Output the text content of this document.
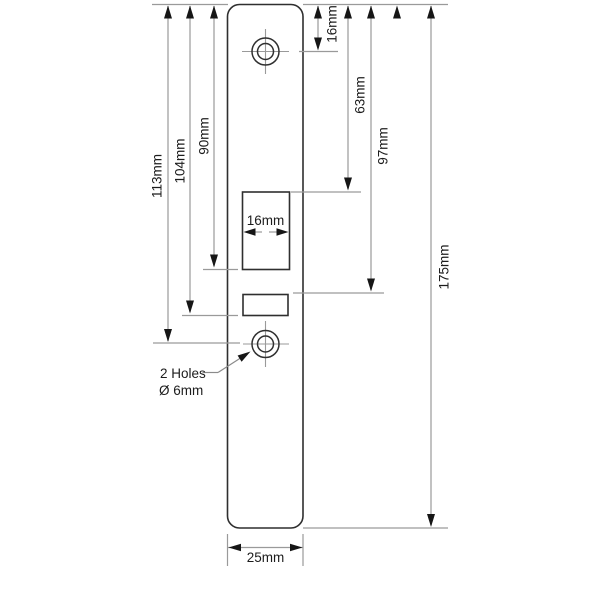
113mm 104mm
90mm
16mm
63mm
97mm
175mm
16mm
25mm
2 Holes
Ø 6mm
